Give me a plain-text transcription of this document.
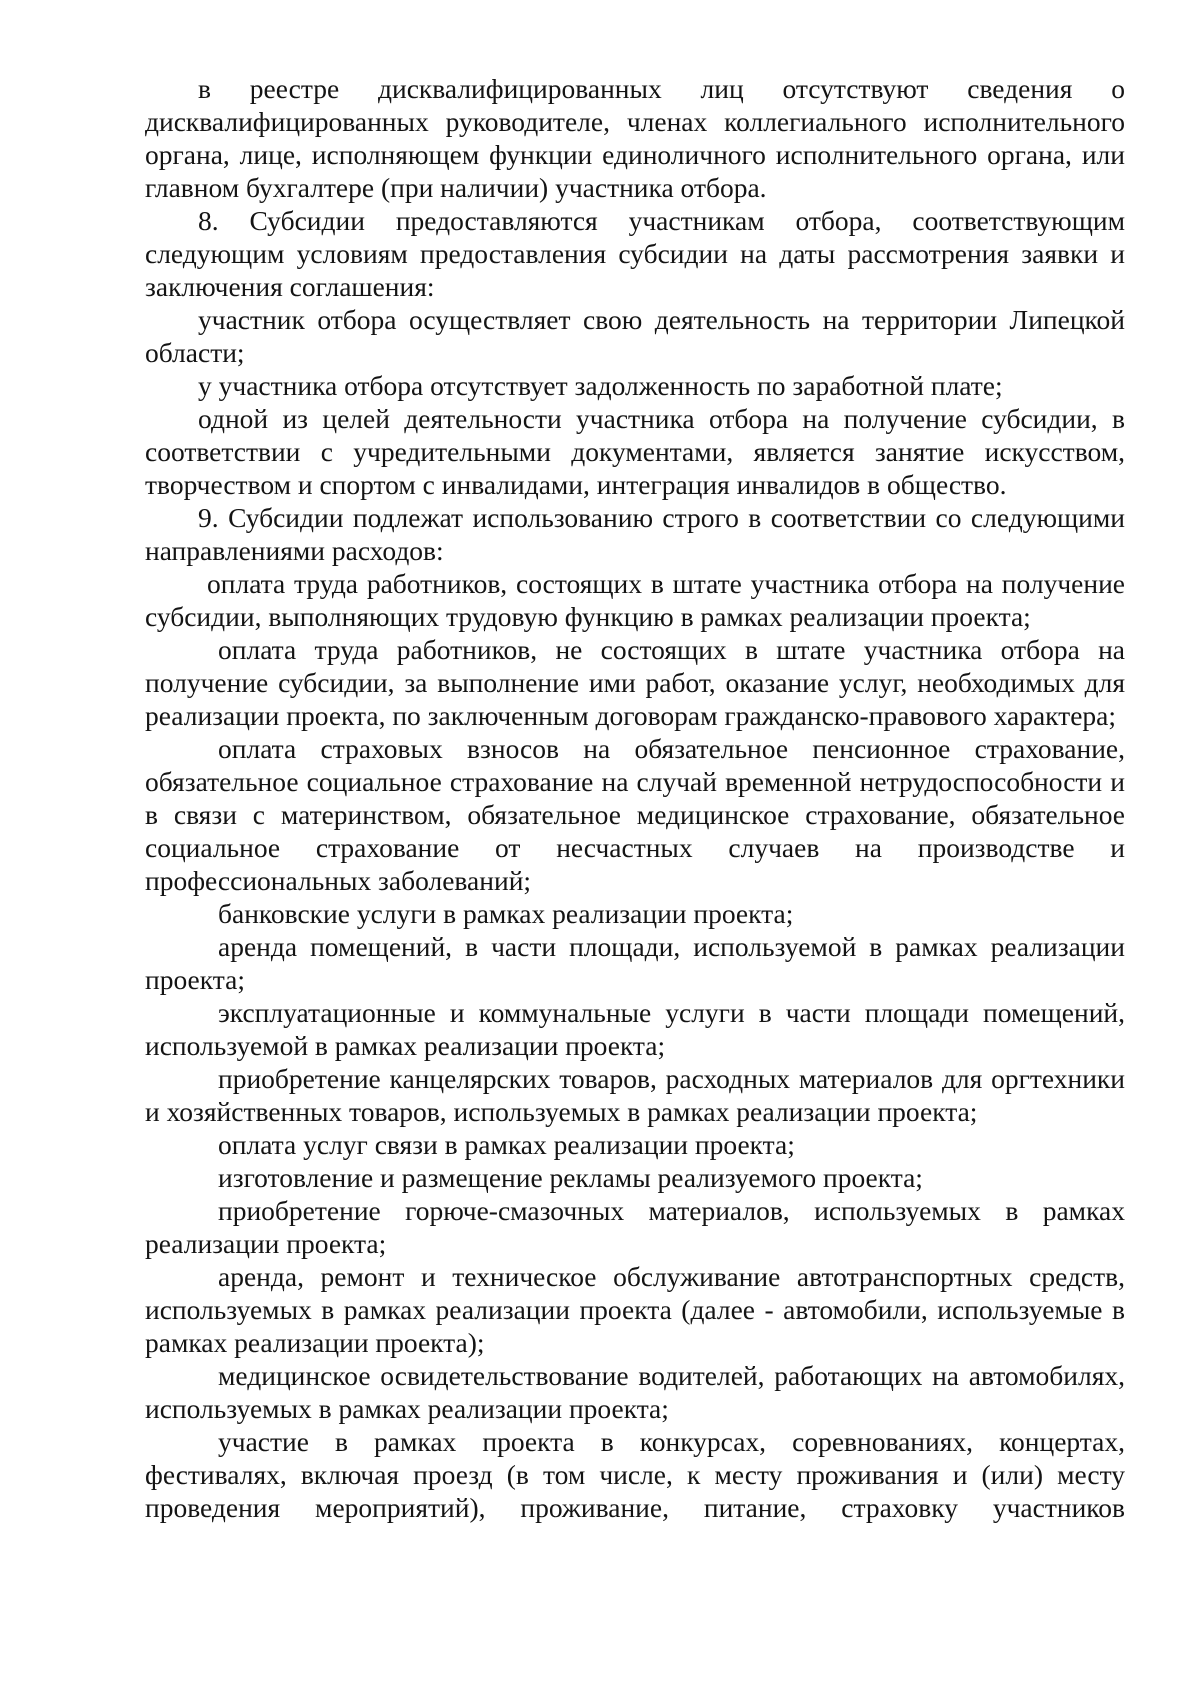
в реестре дисквалифицированных лиц отсутствуют сведения о дисквалифицированных руководителе, членах коллегиального исполнительного органа, лице, исполняющем функции единоличного исполнительного органа, или главном бухгалтере (при наличии) участника отбора.

8. Субсидии предоставляются участникам отбора, соответствующим следующим условиям предоставления субсидии на даты рассмотрения заявки и заключения соглашения:

участник отбора осуществляет свою деятельность на территории Липецкой области;

у участника отбора отсутствует задолженность по заработной плате;

одной из целей деятельности участника отбора на получение субсидии, в соответствии с учредительными документами, является занятие искусством, творчеством и спортом с инвалидами, интеграция инвалидов в общество.

9. Субсидии подлежат использованию строго в соответствии со следующими направлениями расходов:

оплата труда работников, состоящих в штате участника отбора на получение субсидии, выполняющих трудовую функцию в рамках реализации проекта;

оплата труда работников, не состоящих в штате участника отбора на получение субсидии, за выполнение ими работ, оказание услуг, необходимых для реализации проекта, по заключенным договорам гражданско-правового характера;

оплата страховых взносов на обязательное пенсионное страхование, обязательное социальное страхование на случай временной нетрудоспособности и в связи с материнством, обязательное медицинское страхование, обязательное социальное страхование от несчастных случаев на производстве и профессиональных заболеваний;

банковские услуги в рамках реализации проекта;

аренда помещений, в части площади, используемой в рамках реализации проекта;

эксплуатационные и коммунальные услуги в части площади помещений, используемой в рамках реализации проекта;

приобретение канцелярских товаров, расходных материалов для оргтехники и хозяйственных товаров, используемых в рамках реализации проекта;

оплата услуг связи в рамках реализации проекта;

изготовление и размещение рекламы реализуемого проекта;

приобретение горюче-смазочных материалов, используемых в рамках реализации проекта;

аренда, ремонт и техническое обслуживание автотранспортных средств, используемых в рамках реализации проекта (далее - автомобили, используемые в рамках реализации проекта);

медицинское освидетельствование водителей, работающих на автомобилях, используемых в рамках реализации проекта;

участие в рамках проекта в конкурсах, соревнованиях, концертах, фестивалях, включая проезд (в том числе, к месту проживания и (или) месту проведения мероприятий), проживание, питание, страховку участников
